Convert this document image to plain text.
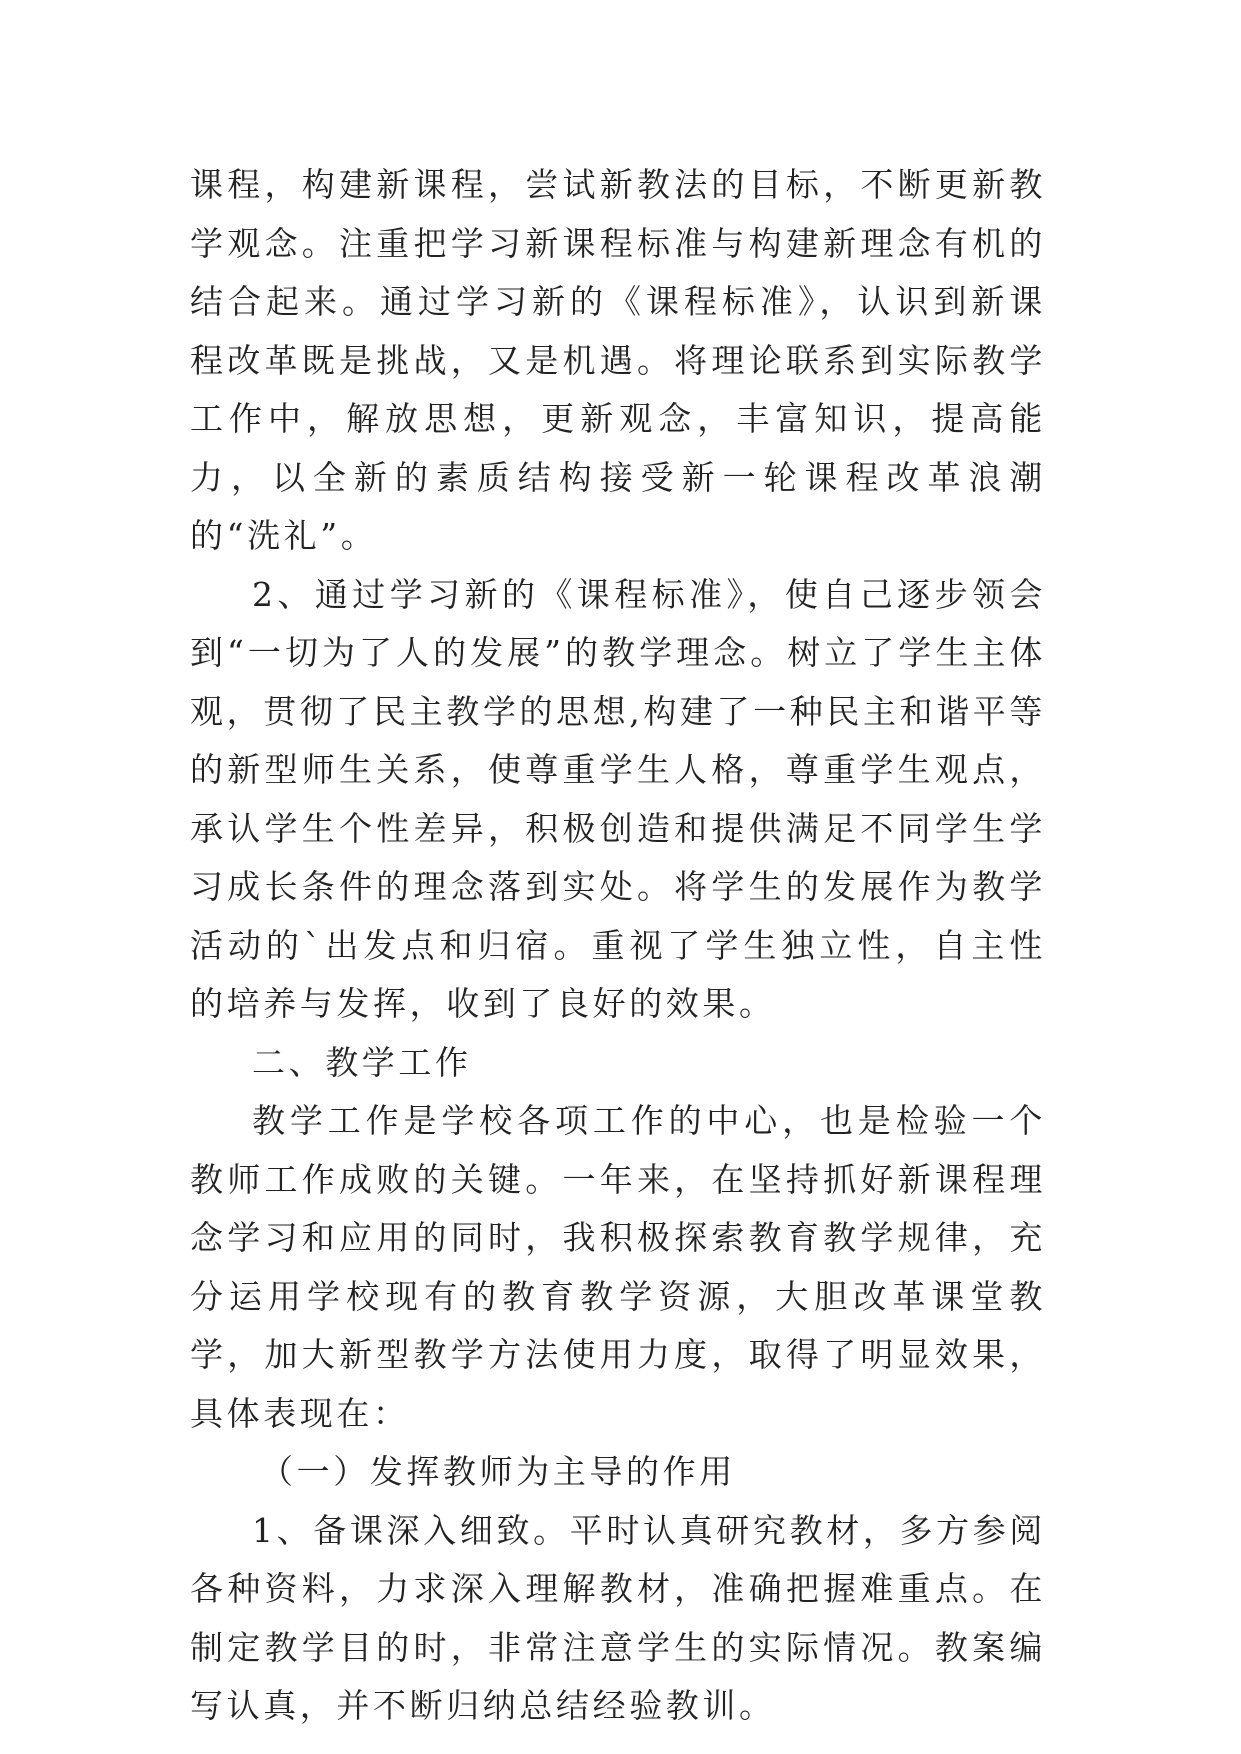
课程，构建新课程，尝试新教法的目标，不断更新教学观念。注重把学习新课程标准与构建新理念有机的结合起来。通过学习新的《课程标准》，认识到新课程改革既是挑战，又是机遇。将理论联系到实际教学工作中，解放思想，更新观念，丰富知识，提高能力，以全新的素质结构接受新一轮课程改革浪潮的“洗礼”。

2、通过学习新的《课程标准》，使自己逐步领会到“一切为了人的发展”的教学理念。树立了学生主体观，贯彻了民主教学的思想,构建了一种民主和谐平等的新型师生关系，使尊重学生人格，尊重学生观点，承认学生个性差异，积极创造和提供满足不同学生学习成长条件的理念落到实处。将学生的发展作为教学活动的`出发点和归宿。重视了学生独立性，自主性的培养与发挥，收到了良好的效果。

二、教学工作

教学工作是学校各项工作的中心，也是检验一个教师工作成败的关键。一年来，在坚持抓好新课程理念学习和应用的同时，我积极探索教育教学规律，充分运用学校现有的教育教学资源，大胆改革课堂教学，加大新型教学方法使用力度，取得了明显效果，具体表现在：

（一）发挥教师为主导的作用

1、备课深入细致。平时认真研究教材，多方参阅各种资料，力求深入理解教材，准确把握难重点。在制定教学目的时，非常注意学生的实际情况。教案编写认真，并不断归纳总结经验教训。
